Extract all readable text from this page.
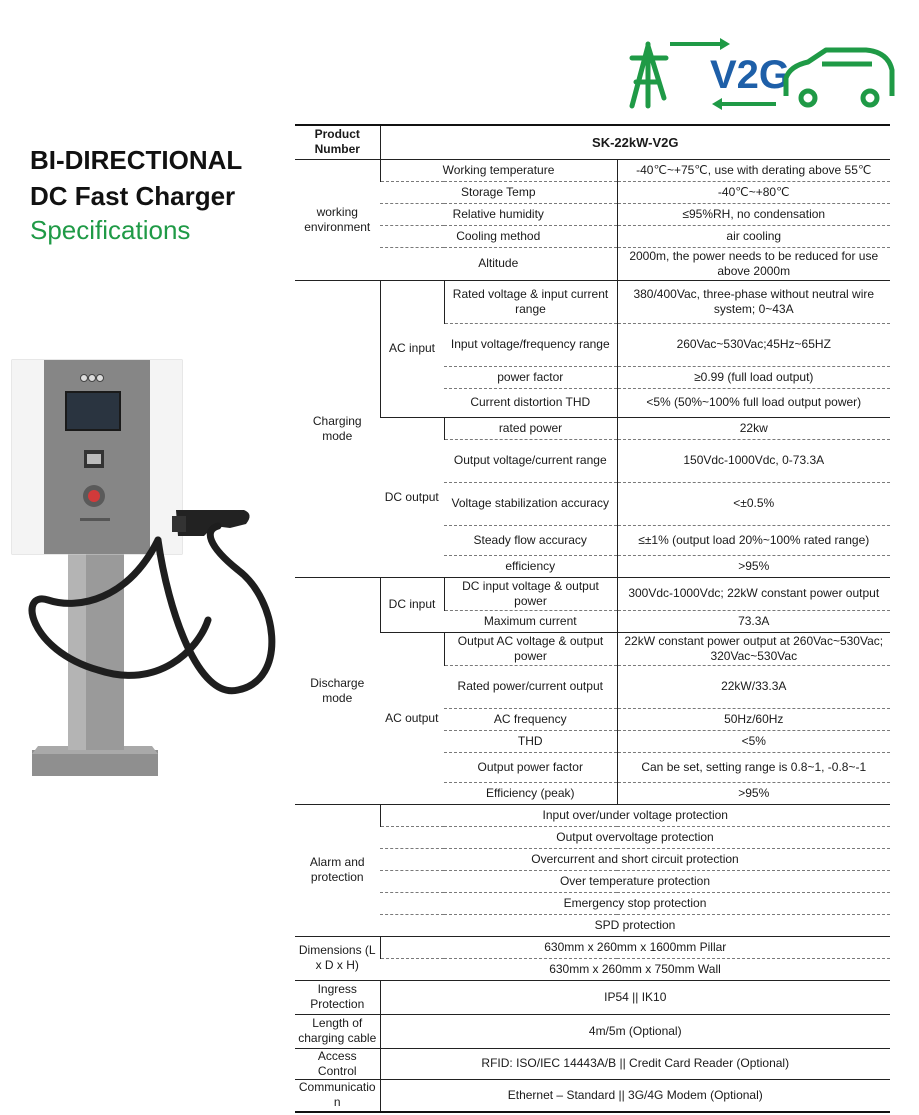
BI-DIRECTIONAL
DC Fast Charger
Specifications
V2G
Product Number	SK-22kW-V2G		
working environment	Working temperature		-40℃~+75℃, use with derating above 55℃
	Storage Temp		-40℃~+80℃
	Relative humidity		≤95%RH, no condensation
	Cooling method		air cooling
	Altitude		2000m, the power needs to be reduced for use above 2000m
Charging mode	AC input	Rated voltage & input current range	380/400Vac, three-phase without neutral wire system; 0~43A
		Input voltage/frequency range	260Vac~530Vac;45Hz~65HZ
		power factor	≥0.99 (full load output)
		Current distortion THD	<5% (50%~100% full load output power)
	DC output	rated power	22kw
		Output voltage/current range	150Vdc-1000Vdc, 0-73.3A
		Voltage stabilization accuracy	<±0.5%
		Steady flow accuracy	≤±1% (output load 20%~100% rated range)
		efficiency	>95%
Discharge mode	DC input	DC input voltage & output power	300Vdc-1000Vdc; 22kW constant power output
		Maximum current	73.3A
	AC output	Output AC voltage & output power	22kW constant power output at 260Vac~530Vac; 320Vac~530Vac
		Rated power/current output	22kW/33.3A
		AC frequency	50Hz/60Hz
		THD	<5%
		Output power factor	Can be set, setting range is 0.8~1, -0.8~-1
		Efficiency (peak)	>95%
Alarm and protection	Input over/under voltage protection		
	Output overvoltage protection		
	Overcurrent and short circuit protection		
	Over temperature protection		
	Emergency stop protection		
	SPD protection		
Dimensions (L x D x H)	630mm x 260mm x 1600mm Pillar		
	630mm x 260mm x 750mm Wall		
Ingress Protection	IP54 || IK10		
Length of charging cable	4m/5m (Optional)		
Access Control	RFID: ISO/IEC 14443A/B || Credit Card Reader (Optional)		
Communication	Ethernet – Standard || 3G/4G Modem (Optional)		
